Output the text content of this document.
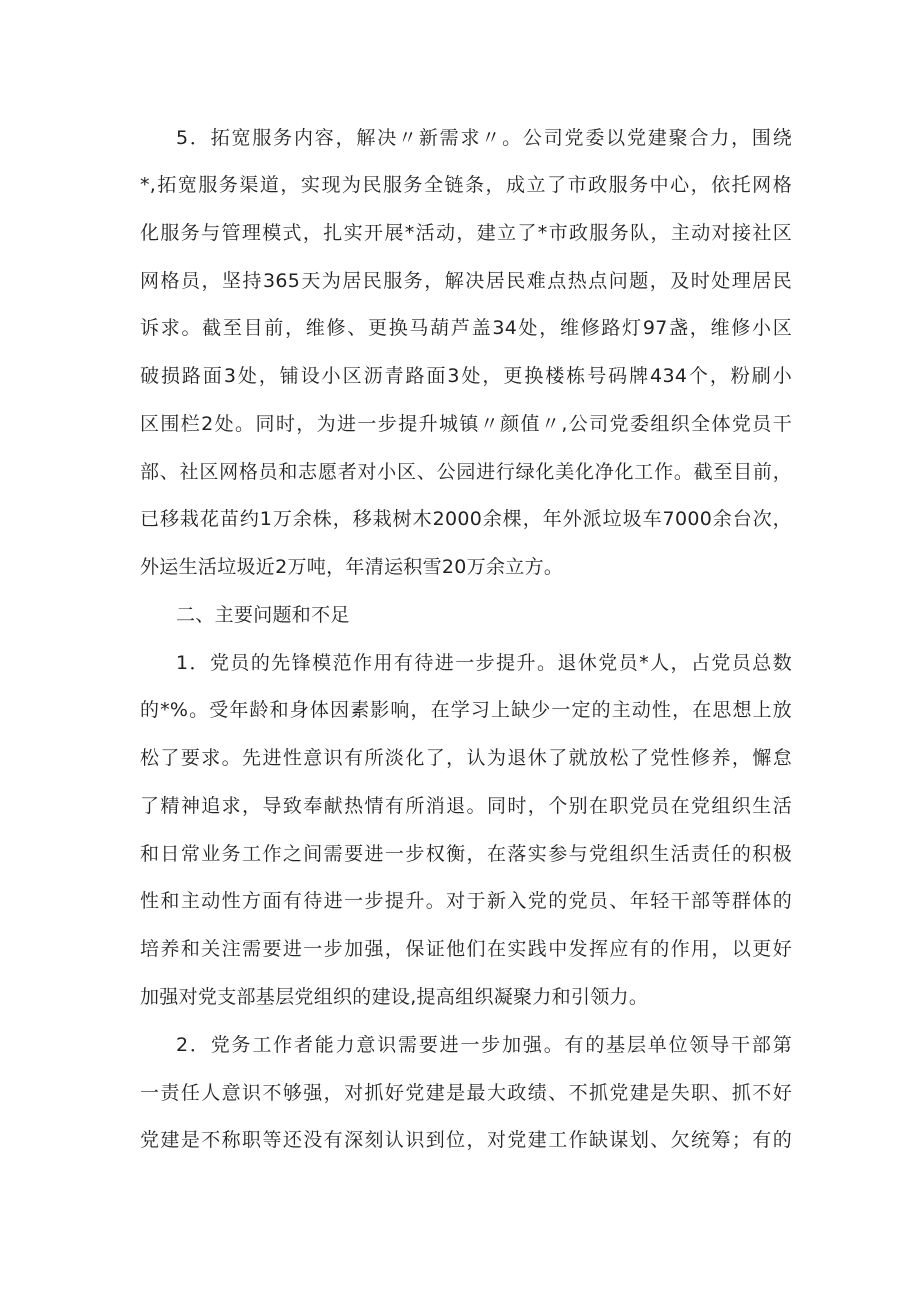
5．拓宽服务内容，解决〃新需求〃。公司党委以党建聚合力，围绕
*,拓宽服务渠道，实现为民服务全链条，成立了市政服务中心，依托网格
化服务与管理模式，扎实开展*活动，建立了*市政服务队，主动对接社区
网格员，坚持365天为居民服务，解决居民难点热点问题，及时处理居民
诉求。截至目前，维修、更换马葫芦盖34处，维修路灯97盏，维修小区
破损路面3处，铺设小区沥青路面3处，更换楼栋号码牌434个，粉刷小
区围栏2处。同时，为进一步提升城镇〃颜值〃,公司党委组织全体党员干
部、社区网格员和志愿者对小区、公园进行绿化美化净化工作。截至目前，
已移栽花苗约1万余株，移栽树木2000余棵，年外派垃圾车7000余台次，
外运生活垃圾近2万吨，年清运积雪20万余立方。
二、主要问题和不足
1．党员的先锋模范作用有待进一步提升。退休党员*人，占党员总数
的*%。受年龄和身体因素影响，在学习上缺少一定的主动性，在思想上放
松了要求。先进性意识有所淡化了，认为退休了就放松了党性修养，懈怠
了精神追求，导致奉献热情有所消退。同时，个别在职党员在党组织生活
和日常业务工作之间需要进一步权衡，在落实参与党组织生活责任的积极
性和主动性方面有待进一步提升。对于新入党的党员、年轻干部等群体的
培养和关注需要进一步加强，保证他们在实践中发挥应有的作用，以更好
加强对党支部基层党组织的建设,提高组织凝聚力和引领力。
2．党务工作者能力意识需要进一步加强。有的基层单位领导干部第
一责任人意识不够强，对抓好党建是最大政绩、不抓党建是失职、抓不好
党建是不称职等还没有深刻认识到位，对党建工作缺谋划、欠统筹；有的
